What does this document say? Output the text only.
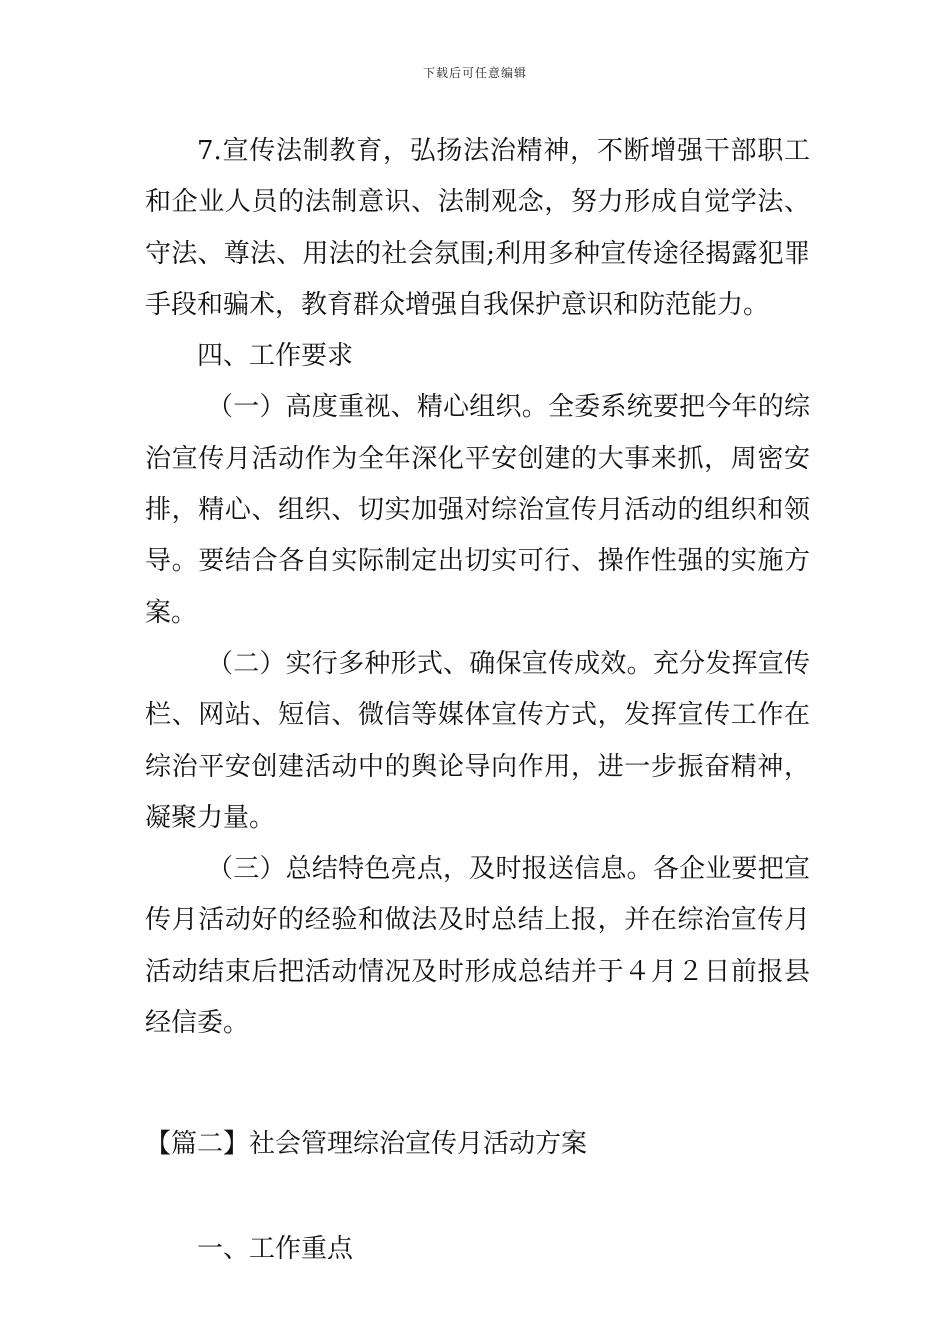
下载后可任意编辑

7.宣传法制教育，弘扬法治精神，不断增强干部职工和企业人员的法制意识、法制观念，努力形成自觉学法、守法、尊法、用法的社会氛围;利用多种宣传途径揭露犯罪手段和骗术，教育群众增强自我保护意识和防范能力。

四、工作要求

（一）高度重视、精心组织。全委系统要把今年的综治宣传月活动作为全年深化平安创建的大事来抓，周密安排，精心、组织、切实加强对综治宣传月活动的组织和领导。要结合各自实际制定出切实可行、操作性强的实施方案。

（二）实行多种形式、确保宣传成效。充分发挥宣传栏、网站、短信、微信等媒体宣传方式，发挥宣传工作在综治平安创建活动中的舆论导向作用，进一步振奋精神，凝聚力量。

（三）总结特色亮点，及时报送信息。各企业要把宣传月活动好的经验和做法及时总结上报，并在综治宣传月活动结束后把活动情况及时形成总结并于４月２日前报县经信委。

【篇二】社会管理综治宣传月活动方案

一、工作重点
